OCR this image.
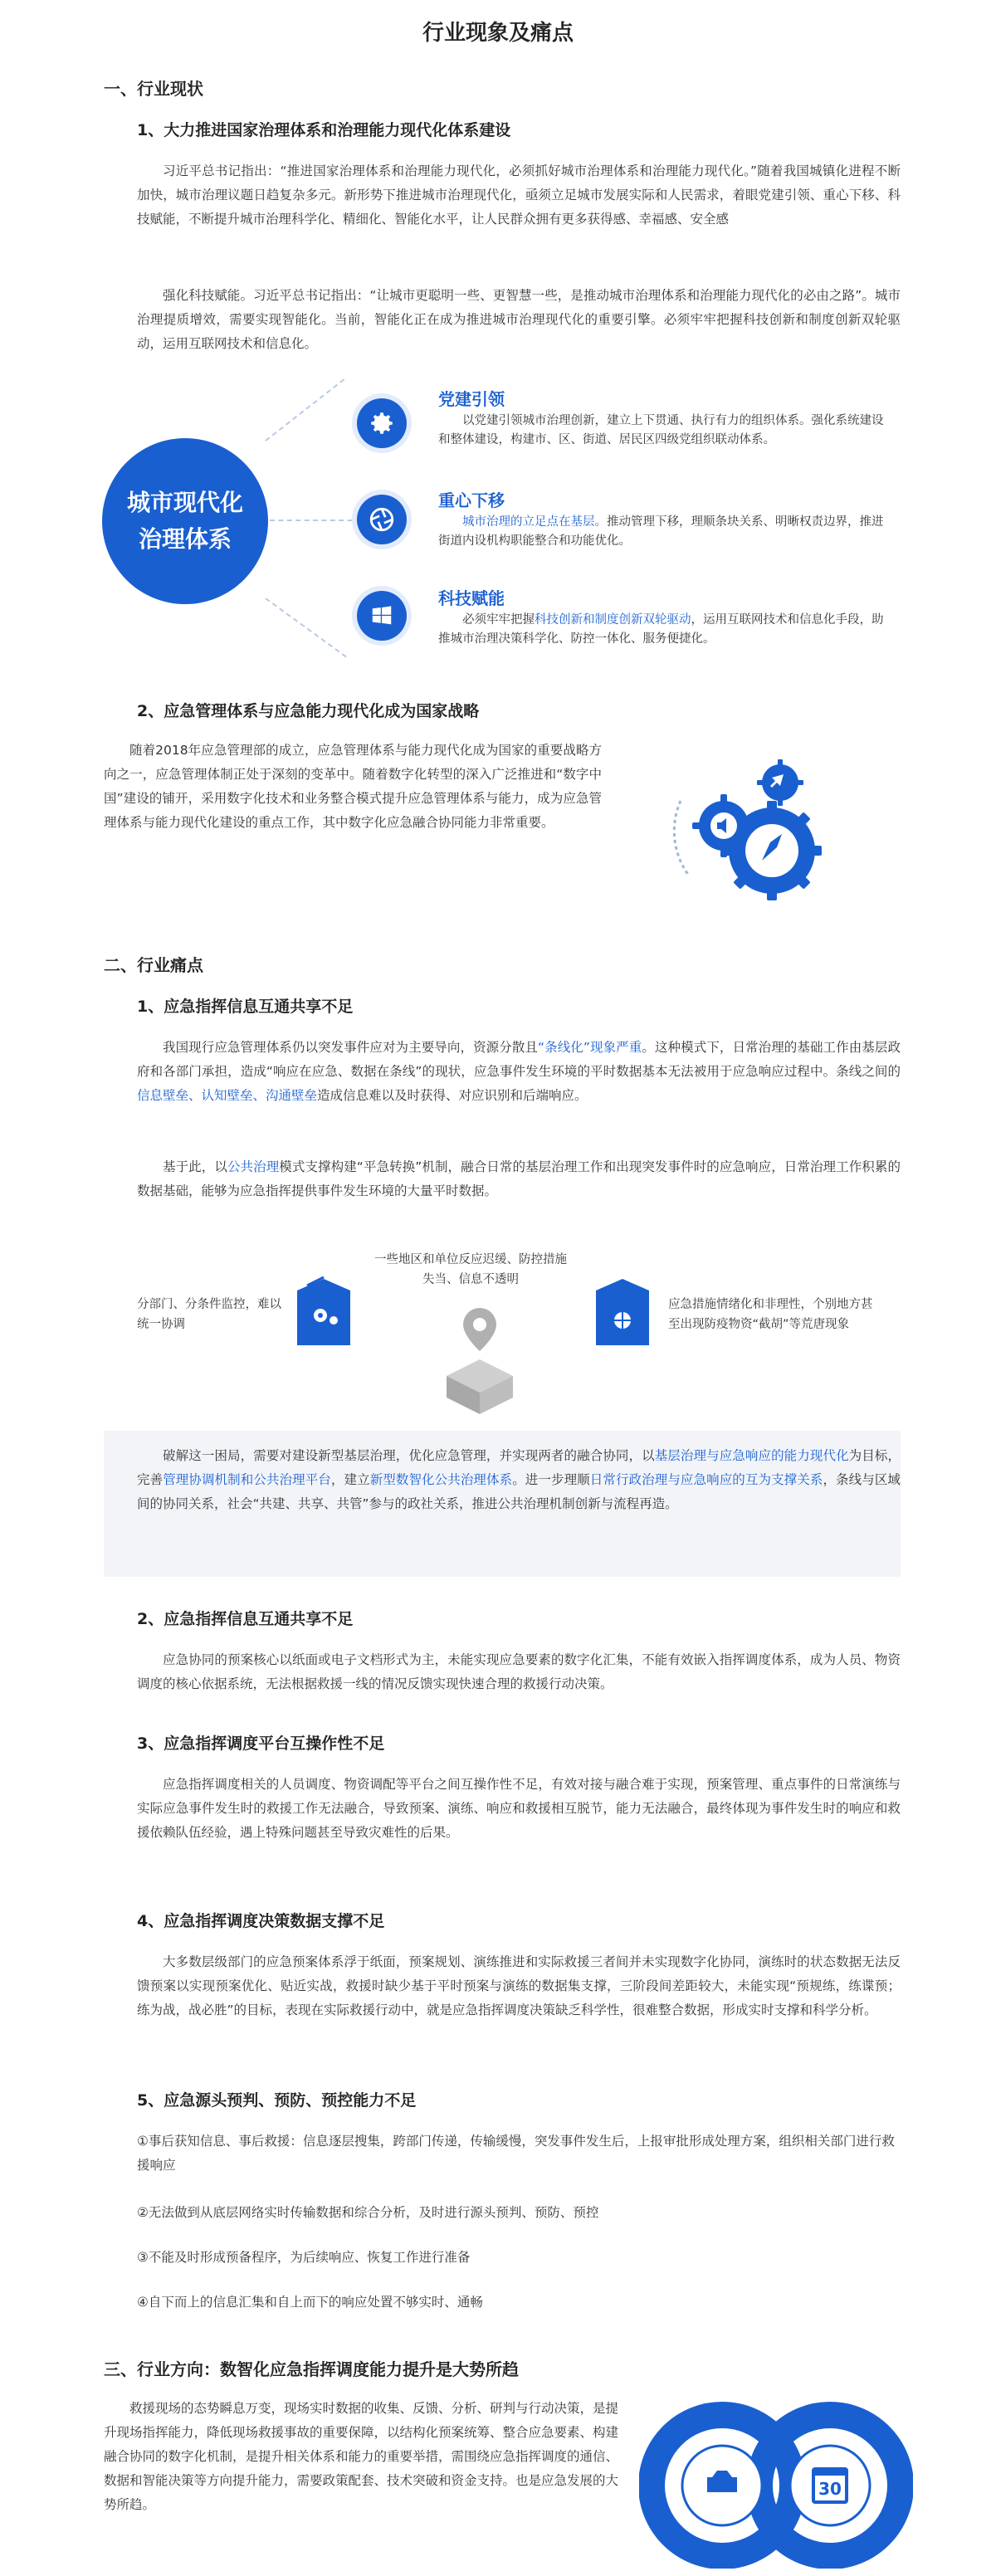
行业现象及痛点
一、行业现状
1、大力推进国家治理体系和治理能力现代化体系建设
习近平总书记指出：“推进国家治理体系和治理能力现代化，必须抓好城市治理体系和治理能力现代化。”随着我国城镇化进程不断加快，城市治理议题日趋复杂多元。新形势下推进城市治理现代化，亟须立足城市发展实际和人民需求，着眼党建引领、重心下移、科技赋能，不断提升城市治理科学化、精细化、智能化水平，让人民群众拥有更多获得感、幸福感、安全感
强化科技赋能。习近平总书记指出：“让城市更聪明一些、更智慧一些，是推动城市治理体系和治理能力现代化的必由之路”。城市治理提质增效，需要实现智能化。当前，智能化正在成为推进城市治理现代化的重要引擎。必须牢牢把握科技创新和制度创新双轮驱动，运用互联网技术和信息化。
城市现代化
治理体系
党建引领
以党建引领城市治理创新，建立上下贯通、执行有力的组织体系。强化系统建设和整体建设，构建市、区、街道、居民区四级党组织联动体系。
重心下移
城市治理的立足点在基层。推动管理下移，理顺条块关系、明晰权责边界，推进街道内设机构职能整合和功能优化。
科技赋能
必须牢牢把握科技创新和制度创新双轮驱动，运用互联网技术和信息化手段，助推城市治理决策科学化、防控一体化、服务便捷化。
2、应急管理体系与应急能力现代化成为国家战略
随着2018年应急管理部的成立，应急管理体系与能力现代化成为国家的重要战略方向之一，应急管理体制正处于深刻的变革中。随着数字化转型的深入广泛推进和“数字中国”建设的铺开，采用数字化技术和业务整合模式提升应急管理体系与能力，成为应急管理体系与能力现代化建设的重点工作，其中数字化应急融合协同能力非常重要。
二、行业痛点
1、应急指挥信息互通共享不足
我国现行应急管理体系仍以突发事件应对为主要导向，资源分散且“条线化”现象严重。这种模式下，日常治理的基础工作由基层政府和各部门承担，造成“响应在应急、数据在条线”的现状，应急事件发生环境的平时数据基本无法被用于应急响应过程中。条线之间的信息壁垒、认知壁垒、沟通壁垒造成信息难以及时获得、对应识别和后端响应。
基于此，以公共治理模式支撑构建“平急转换”机制，融合日常的基层治理工作和出现突发事件时的应急响应，日常治理工作积累的数据基础，能够为应急指挥提供事件发生环境的大量平时数据。
分部门、分条件监控，难以统一协调
一些地区和单位反应迟缓、防控措施失当、信息不透明
应急措施情绪化和非理性，个别地方甚至出现防疫物资“截胡”等荒唐现象
破解这一困局，需要对建设新型基层治理，优化应急管理，并实现两者的融合协同，以基层治理与应急响应的能力现代化为目标，完善管理协调机制和公共治理平台，建立新型数智化公共治理体系。进一步理顺日常行政治理与应急响应的互为支撑关系，条线与区域间的协同关系，社会“共建、共享、共管”参与的政社关系，推进公共治理机制创新与流程再造。
2、应急指挥信息互通共享不足
应急协同的预案核心以纸面或电子文档形式为主，未能实现应急要素的数字化汇集，不能有效嵌入指挥调度体系，成为人员、物资调度的核心依据系统，无法根据救援一线的情况反馈实现快速合理的救援行动决策。
3、应急指挥调度平台互操作性不足
应急指挥调度相关的人员调度、物资调配等平台之间互操作性不足，有效对接与融合难于实现，预案管理、重点事件的日常演练与实际应急事件发生时的救援工作无法融合，导致预案、演练、响应和救援相互脱节，能力无法融合，最终体现为事件发生时的响应和救援依赖队伍经验，遇上特殊问题甚至导致灾难性的后果。
4、应急指挥调度决策数据支撑不足
大多数层级部门的应急预案体系浮于纸面，预案规划、演练推进和实际救援三者间并未实现数字化协同，演练时的状态数据无法反馈预案以实现预案优化、贴近实战，救援时缺少基于平时预案与演练的数据集支撑，三阶段间差距较大，未能实现“预规练，练谍预；练为战，战必胜”的目标，表现在实际救援行动中，就是应急指挥调度决策缺乏科学性，很难整合数据，形成实时支撑和科学分析。
5、应急源头预判、预防、预控能力不足
①事后获知信息、事后救援：信息逐层搜集，跨部门传递，传输缓慢，突发事件发生后，上报审批形成处理方案，组织相关部门进行救援响应
②无法做到从底层网络实时传输数据和综合分析，及时进行源头预判、预防、预控
③不能及时形成预备程序，为后续响应、恢复工作进行准备
④自下而上的信息汇集和自上而下的响应处置不够实时、通畅
三、行业方向：数智化应急指挥调度能力提升是大势所趋
救援现场的态势瞬息万变，现场实时数据的收集、反馈、分析、研判与行动决策，是提升现场指挥能力，降低现场救援事故的重要保障，以结构化预案统筹、整合应急要素、构建融合协同的数字化机制，是提升相关体系和能力的重要举措，需围绕应急指挥调度的通信、数据和智能决策等方向提升能力，需要政策配套、技术突破和资金支持。也是应急发展的大势所趋。
30
